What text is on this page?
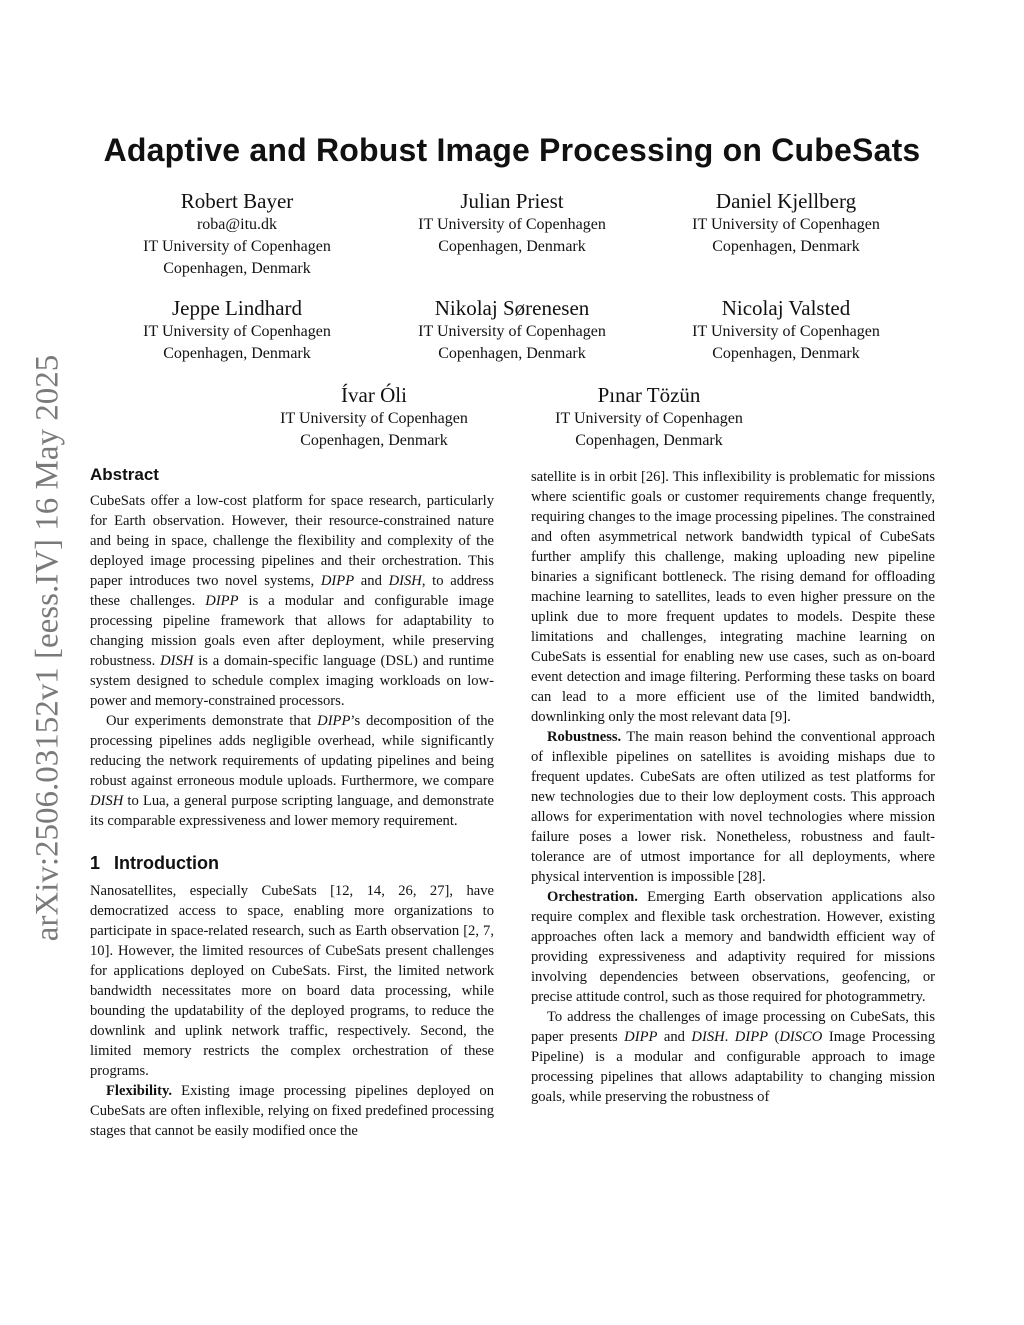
arXiv:2506.03152v1 [eess.IV] 16 May 2025
Adaptive and Robust Image Processing on CubeSats
Robert Bayer
roba@itu.dk
IT University of Copenhagen
Copenhagen, Denmark
Julian Priest
IT University of Copenhagen
Copenhagen, Denmark
Daniel Kjellberg
IT University of Copenhagen
Copenhagen, Denmark
Jeppe Lindhard
IT University of Copenhagen
Copenhagen, Denmark
Nikolaj Sørenesen
IT University of Copenhagen
Copenhagen, Denmark
Nicolaj Valsted
IT University of Copenhagen
Copenhagen, Denmark
Ívar Óli
IT University of Copenhagen
Copenhagen, Denmark
Pınar Tözün
IT University of Copenhagen
Copenhagen, Denmark
Abstract

CubeSats offer a low-cost platform for space research, particularly for Earth observation. However, their resource-constrained nature and being in space, challenge the flexibility and complexity of the deployed image processing pipelines and their orchestration. This paper introduces two novel systems, DIPP and DISH, to address these challenges. DIPP is a modular and configurable image processing pipeline framework that allows for adaptability to changing mission goals even after deployment, while preserving robustness. DISH is a domain-specific language (DSL) and runtime system designed to schedule complex imaging workloads on low-power and memory-constrained processors.

Our experiments demonstrate that DIPP’s decomposition of the processing pipelines adds negligible overhead, while significantly reducing the network requirements of updating pipelines and being robust against erroneous module uploads. Furthermore, we compare DISH to Lua, a general purpose scripting language, and demonstrate its comparable expressiveness and lower memory requirement.

1 Introduction

Nanosatellites, especially CubeSats [12, 14, 26, 27], have democratized access to space, enabling more organizations to participate in space-related research, such as Earth observation [2, 7, 10]. However, the limited resources of CubeSats present challenges for applications deployed on CubeSats. First, the limited network bandwidth necessitates more on board data processing, while bounding the updatability of the deployed programs, to reduce the downlink and uplink network traffic, respectively. Second, the limited memory restricts the complex orchestration of these programs.

Flexibility. Existing image processing pipelines deployed on CubeSats are often inflexible, relying on fixed predefined processing stages that cannot be easily modified once the

satellite is in orbit [26]. This inflexibility is problematic for missions where scientific goals or customer requirements change frequently, requiring changes to the image processing pipelines. The constrained and often asymmetrical network bandwidth typical of CubeSats further amplify this challenge, making uploading new pipeline binaries a significant bottleneck. The rising demand for offloading machine learning to satellites, leads to even higher pressure on the uplink due to more frequent updates to models. Despite these limitations and challenges, integrating machine learning on CubeSats is essential for enabling new use cases, such as on-board event detection and image filtering. Performing these tasks on board can lead to a more efficient use of the limited bandwidth, downlinking only the most relevant data [9].

Robustness. The main reason behind the conventional approach of inflexible pipelines on satellites is avoiding mishaps due to frequent updates. CubeSats are often utilized as test platforms for new technologies due to their low deployment costs. This approach allows for experimentation with novel technologies where mission failure poses a lower risk. Nonetheless, robustness and fault-tolerance are of utmost importance for all deployments, where physical intervention is impossible [28].

Orchestration. Emerging Earth observation applications also require complex and flexible task orchestration. However, existing approaches often lack a memory and bandwidth efficient way of providing expressiveness and adaptivity required for missions involving dependencies between observations, geofencing, or precise attitude control, such as those required for photogrammetry.

To address the challenges of image processing on CubeSats, this paper presents DIPP and DISH. DIPP (DISCO Image Processing Pipeline) is a modular and configurable approach to image processing pipelines that allows adaptability to changing mission goals, while preserving the robustness of
